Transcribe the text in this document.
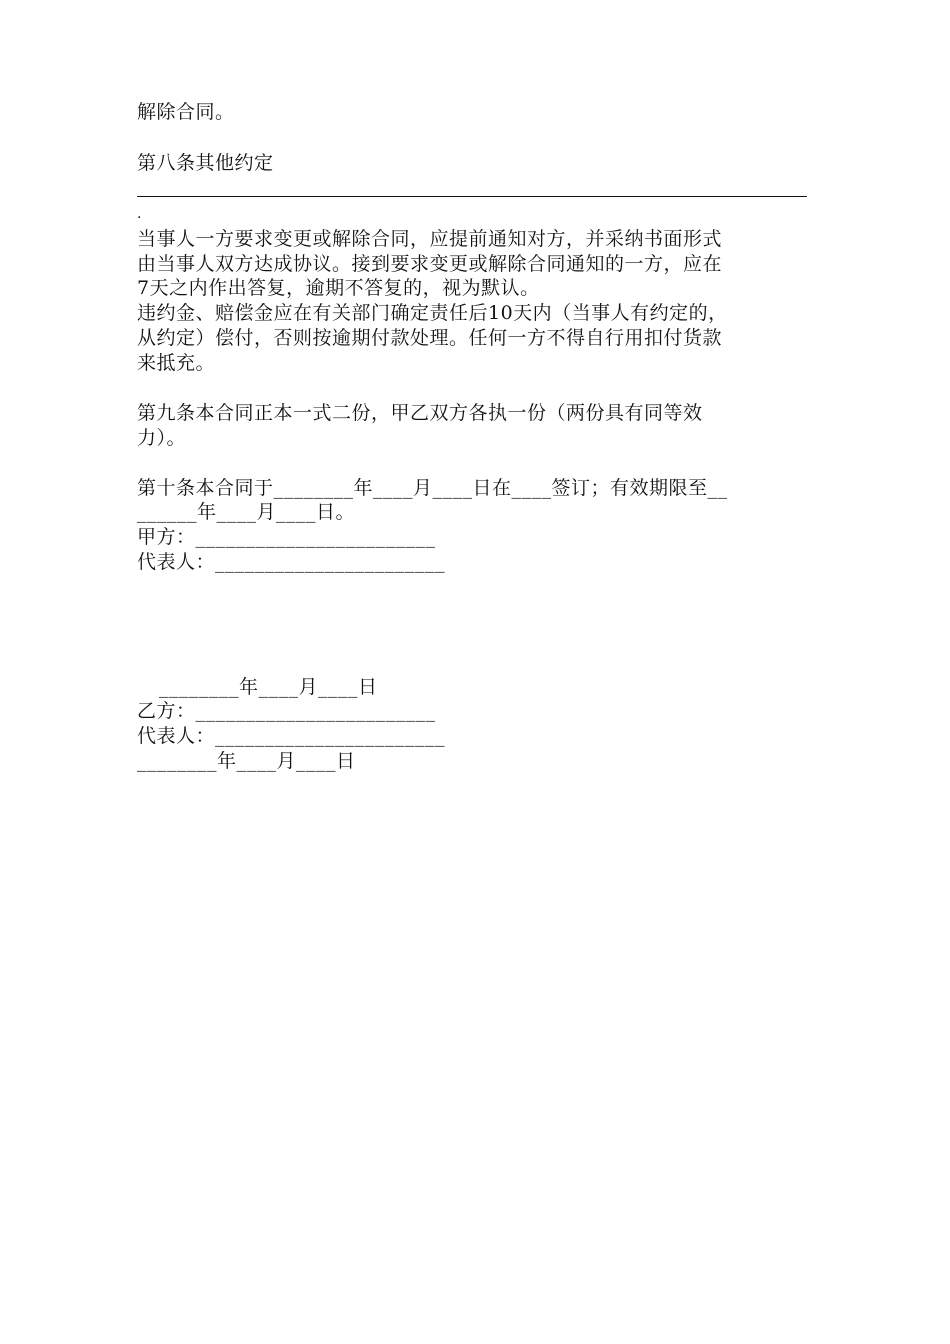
解除合同。
第八条其他约定
.
当事人一方要求变更或解除合同，应提前通知对方，并采纳书面形式
由当事人双方达成协议。接到要求变更或解除合同通知的一方，应在
7天之内作出答复，逾期不答复的，视为默认。
违约金、赔偿金应在有关部门确定责任后10天内（当事人有约定的，
从约定）偿付，否则按逾期付款处理。任何一方不得自行用扣付货款
来抵充。
第九条本合同正本一式二份，甲乙双方各执一份（两份具有同等效
力）。
第十条本合同于________年____月____日在____签订；有效期限至__
______年____月____日。
甲方：________________________
代表人：_______________________
________年____月____日
乙方：________________________
代表人：_______________________
________年____月____日
